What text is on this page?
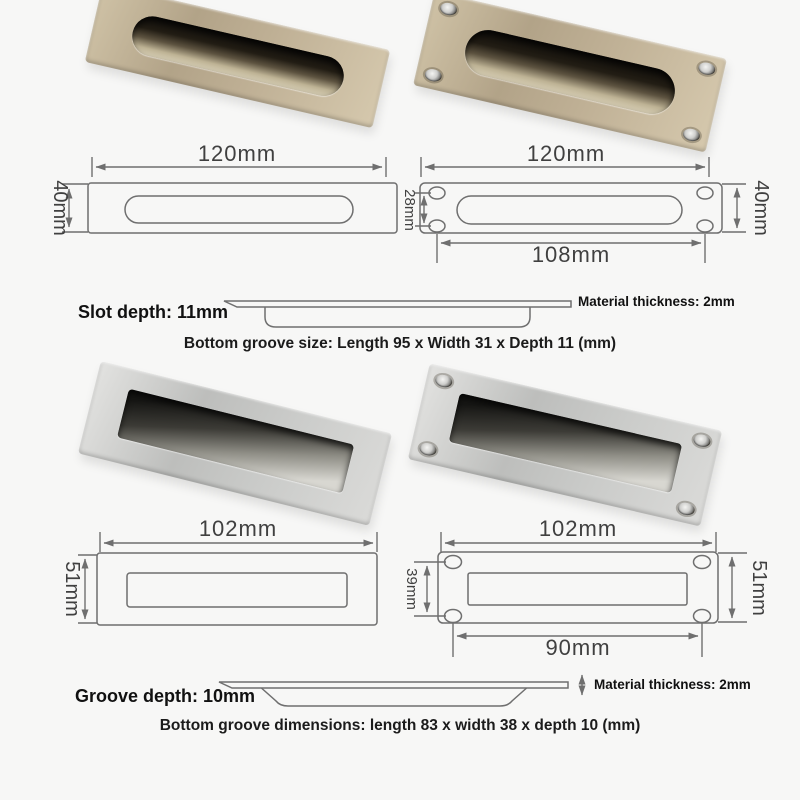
120mm
40mm
120mm
28mm	40mm
108mm
102mm
51mm
102mm
39mm	51mm
90mm
Slot depth: 11mm
Material thickness: 2mm
Bottom groove size: Length 95 x Width 31 x Depth 11 (mm)
Groove depth: 10mm
Material thickness: 2mm
Bottom groove dimensions: length 83 x width 38 x depth 10 (mm)
